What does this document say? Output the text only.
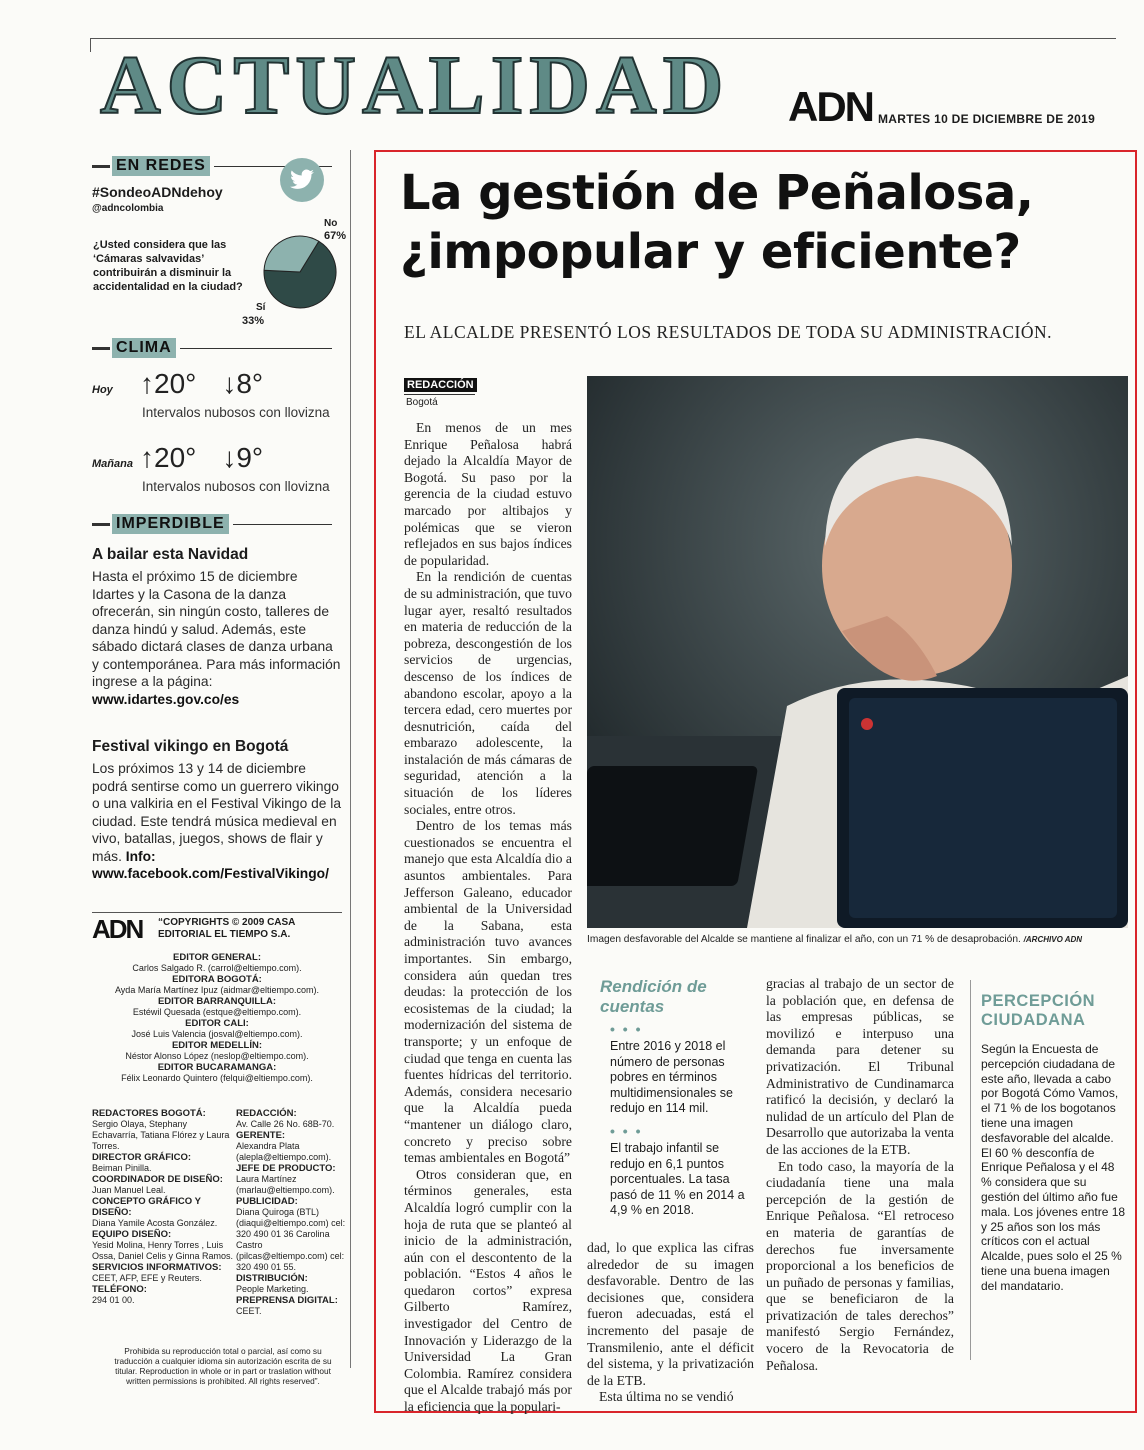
ACTUALIDAD ADN MARTES 10 DE DICIEMBRE DE 2019
EN REDES
#SondeoADNdehoy
@adncolombia
¿Usted considera que las ‘Cámaras salvavidas’ contribuirán a disminuir la accidentalidad en la ciudad?
No
67%
Sí
33%
CLIMA
Hoy ↑20° ↓8°
Intervalos nubosos con llovizna
Mañana ↑20° ↓9°
Intervalos nubosos con llovizna
IMPERDIBLE
A bailar esta Navidad
Hasta el próximo 15 de diciembre Idartes y la Casona de la danza ofrecerán, sin ningún costo, talleres de danza hindú y salud. Además, este sábado dictará clases de danza urbana y contemporánea. Para más información ingrese a la página:
www.idartes.gov.co/es
Festival vikingo en Bogotá
Los próximos 13 y 14 de diciembre podrá sentirse como un guerrero vikingo o una valkiria en el Festival Vikingo de la ciudad. Este tendrá música medieval en vivo, batallas, juegos, shows de flair y más. Info:
www.facebook.com/FestivalVikingo/
ADN “COPYRIGHTS © 2009 CASA EDITORIAL EL TIEMPO S.A.
EDITOR GENERAL:
Carlos Salgado R. (carrol@eltiempo.com).
EDITORA BOGOTÁ:
Ayda María Martínez Ipuz (aidmar@eltiempo.com).
EDITOR BARRANQUILLA:
Estéwil Quesada (estque@eltiempo.com).
EDITOR CALI:
José Luis Valencia (josval@eltiempo.com).
EDITOR MEDELLÍN:
Néstor Alonso López (neslop@eltiempo.com).
EDITOR BUCARAMANGA:
Félix Leonardo Quintero (felqui@eltiempo.com).
REDACTORES BOGOTÁ:
Sergio Olaya, Stephany Echavarría, Tatiana Flórez y Laura Torres.
DIRECTOR GRÁFICO:
Beiman Pinilla.
COORDINADOR DE DISEÑO:
Juan Manuel Leal.
CONCEPTO GRÁFICO Y DISEÑO:
Diana Yamile Acosta González.
EQUIPO DISEÑO:
Yesid Molina, Henry Torres , Luis Ossa, Daniel Celis y Ginna Ramos.
SERVICIOS INFORMATIVOS:
CEET, AFP, EFE y Reuters.
TELÉFONO:
294 01 00.
REDACCIÓN:
Av. Calle 26 No. 68B-70.
GERENTE:
Alexandra Plata (alepla@eltiempo.com).
JEFE DE PRODUCTO:
Laura Martínez (marlau@eltiempo.com).
PUBLICIDAD:
Diana Quiroga (BTL) (diaqui@eltiempo.com) cel: 320 490 01 36 Carolina Castro (pilcas@eltiempo.com) cel: 320 490 01 55.
DISTRIBUCIÓN:
People Marketing.
PREPRENSA DIGITAL:
CEET.
Prohibida su reproducción total o parcial, así como su traducción a cualquier idioma sin autorización escrita de su titular. Reproduction in whole or in part or traslation without written permissions is prohibited. All rights reserved”.
La gestión de Peñalosa,
¿impopular y eficiente?
EL ALCALDE PRESENTÓ LOS RESULTADOS DE TODA SU ADMINISTRACIÓN.
REDACCIÓN
Bogotá

En menos de un mes Enrique Peñalosa habrá dejado la Alcaldía Mayor de Bogotá. Su paso por la gerencia de la ciudad estuvo marcado por altibajos y polémicas que se vieron reflejados en sus bajos índices de popularidad.

En la rendición de cuentas de su administración, que tuvo lugar ayer, resaltó resultados en materia de reducción de la pobreza, descongestión de los servicios de urgencias, descenso de los índices de abandono escolar, apoyo a la tercera edad, cero muertes por desnutrición, caída del embarazo adolescente, la instalación de más cámaras de seguridad, atención a la situación de los líderes sociales, entre otros.

Dentro de los temas más cuestionados se encuentra el manejo que esta Alcaldía dio a asuntos ambientales. Para Jefferson Galeano, educador ambiental de la Universidad de la Sabana, esta administración tuvo avances importantes. Sin embargo, considera aún quedan tres deudas: la protección de los ecosistemas de la ciudad; la modernización del sistema de transporte; y un enfoque de ciudad que tenga en cuenta las fuentes hídricas del territorio. Además, considera necesario que la Alcaldía pueda “mantener un diálogo claro, concreto y preciso sobre temas ambientales en Bogotá”

Otros consideran que, en términos generales, esta Alcaldía logró cumplir con la hoja de ruta que se planteó al inicio de la administración, aún con el descontento de la población. “Estos 4 años le quedaron cortos” expresa Gilberto Ramírez, investigador del Centro de Innovación y Liderazgo de la Universidad La Gran Colombia. Ramírez considera que el Alcalde trabajó más por la eficiencia que la populari-

Imagen desfavorable del Alcalde se mantiene al finalizar el año, con un 71 % de desaprobación. /ARCHIVO ADN
Rendición de
cuentas
• • •
Entre 2016 y 2018 el número de personas pobres en términos multidimensionales se redujo en 114 mil.
• • •
El trabajo infantil se redujo en 6,1 puntos porcentuales. La tasa pasó de 11 % en 2014 a 4,9 % en 2018.

dad, lo que explica las cifras alrededor de su imagen desfavorable. Dentro de las decisiones que, considera fueron adecuadas, está el incremento del pasaje de Transmilenio, ante el déficit del sistema, y la privatización de la ETB.

Esta última no se vendió

gracias al trabajo de un sector de la población que, en defensa de las empresas públicas, se movilizó e interpuso una demanda para detener su privatización. El Tribunal Administrativo de Cundinamarca ratificó la decisión, y declaró la nulidad de un artículo del Plan de Desarrollo que autorizaba la venta de las acciones de la ETB.

En todo caso, la mayoría de la ciudadanía tiene una mala percepción de la gestión de Enrique Peñalosa. “El retroceso en materia de garantías de derechos fue inversamente proporcional a los beneficios de un puñado de personas y familias, que se beneficiaron de la privatización de tales derechos” manifestó Sergio Fernández, vocero de la Revocatoria de Peñalosa.

PERCEPCIÓN
CIUDADANA
Según la Encuesta de percepción ciudadana de este año, llevada a cabo por Bogotá Cómo Vamos, el 71 % de los bogotanos tiene una imagen desfavorable del alcalde. El 60 % desconfía de Enrique Peñalosa y el 48 % considera que su gestión del último año fue mala. Los jóvenes entre 18 y 25 años son los más críticos con el actual Alcalde, pues solo el 25 % tiene una buena imagen del mandatario.
